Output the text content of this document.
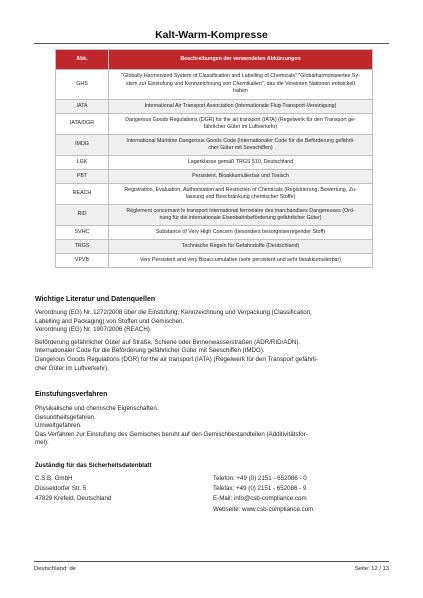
Kalt-Warm-Kompresse
Abk.	Beschreibungen der verwendeten Abkürzungen
GHS	"Globally Harmonized System of Classification and Labelling of Chemicals" "Globalharmonisiertes Sy-
stem zur Einstufung und Kennzeichnung von Chemikalien", das die Vereinten Nationen entwickelt
haben

IATA	International Air Transport Association (Internationale Flug-Transport-Vereinigung)

IATA/DGR	Dangerous Goods Regulations (DGR) for the air transport (IATA) (Regelwerk für den Transport ge-
fährlicher Güter im Luftverkehr)

IMDG	International Maritime Dangerous Goods Code (Internationaler Code für die Beförderung gefährli-
cher Güter mit Seeschiffen)

LGK	Lagerklasse gemäß TRGS 510, Deutschland

PBT	Persistent, Bioakkumulierbar und Toxisch

REACH	Registration, Evaluation, Authorisation and Restriction of Chemicals (Registrierung, Bewertung, Zu-
lassung und Beschränkung chemischer Stoffe)

RID	Règlement concernant le transport International ferroviaire des marchandises Dangereuses (Ord-
nung für die internationale Eisenbahnbeförderung gefährlicher Güter)

SVHC	Substance of Very High Concern (besonders besorgniserregender Stoff)

TRGS	Technische Regeln für Gefahrstoffe (Deutschland)

VPVB	Very Persistent and very Bioaccumulative (sehr persistent und sehr bioakkumulierbar)
Wichtige Literatur und Datenquellen
Verordnung (EG) Nr. 1272/2008 über die Einstufung, Kennzeichnung und Verpackung (Classification,
Labelling and Packaging) von Stoffen und Gemischen.
Verordnung (EG) Nr. 1907/2006 (REACH).
Beförderung gefährlicher Güter auf Straße, Schiene oder Binnenwasserstraßen (ADR/RID/ADN).
Internationaler Code für die Beförderung gefährlicher Güter mit Seeschiffen (IMDG).
Dangerous Goods Regulations (DGR) for the air transport (IATA) (Regelwerk für den Transport gefährli-
cher Güter im Luftverkehr).
Einstufungsverfahren
Physikalische und chemische Eigenschaften.
Gesundheitsgefahren.
Umweltgefahren.
Das Verfahren zur Einstufung des Gemisches beruht auf den Gemischbestandteilen (Additivitätsfor-
mel).
Zuständig für das Sicherheitsdatenblatt
C.S.B. GmbH
Düsseldorfer Str. 5
47829 Krefeld, Deutschland
Telefon: +49 (0) 2151 - 652086 - 0
Telefax: +49 (0) 2151 - 652086 - 9
E-Mail: info@csb-compliance.com
Webseite: www.csb-compliance.com
Deutschland: de	Seite: 12 / 13
